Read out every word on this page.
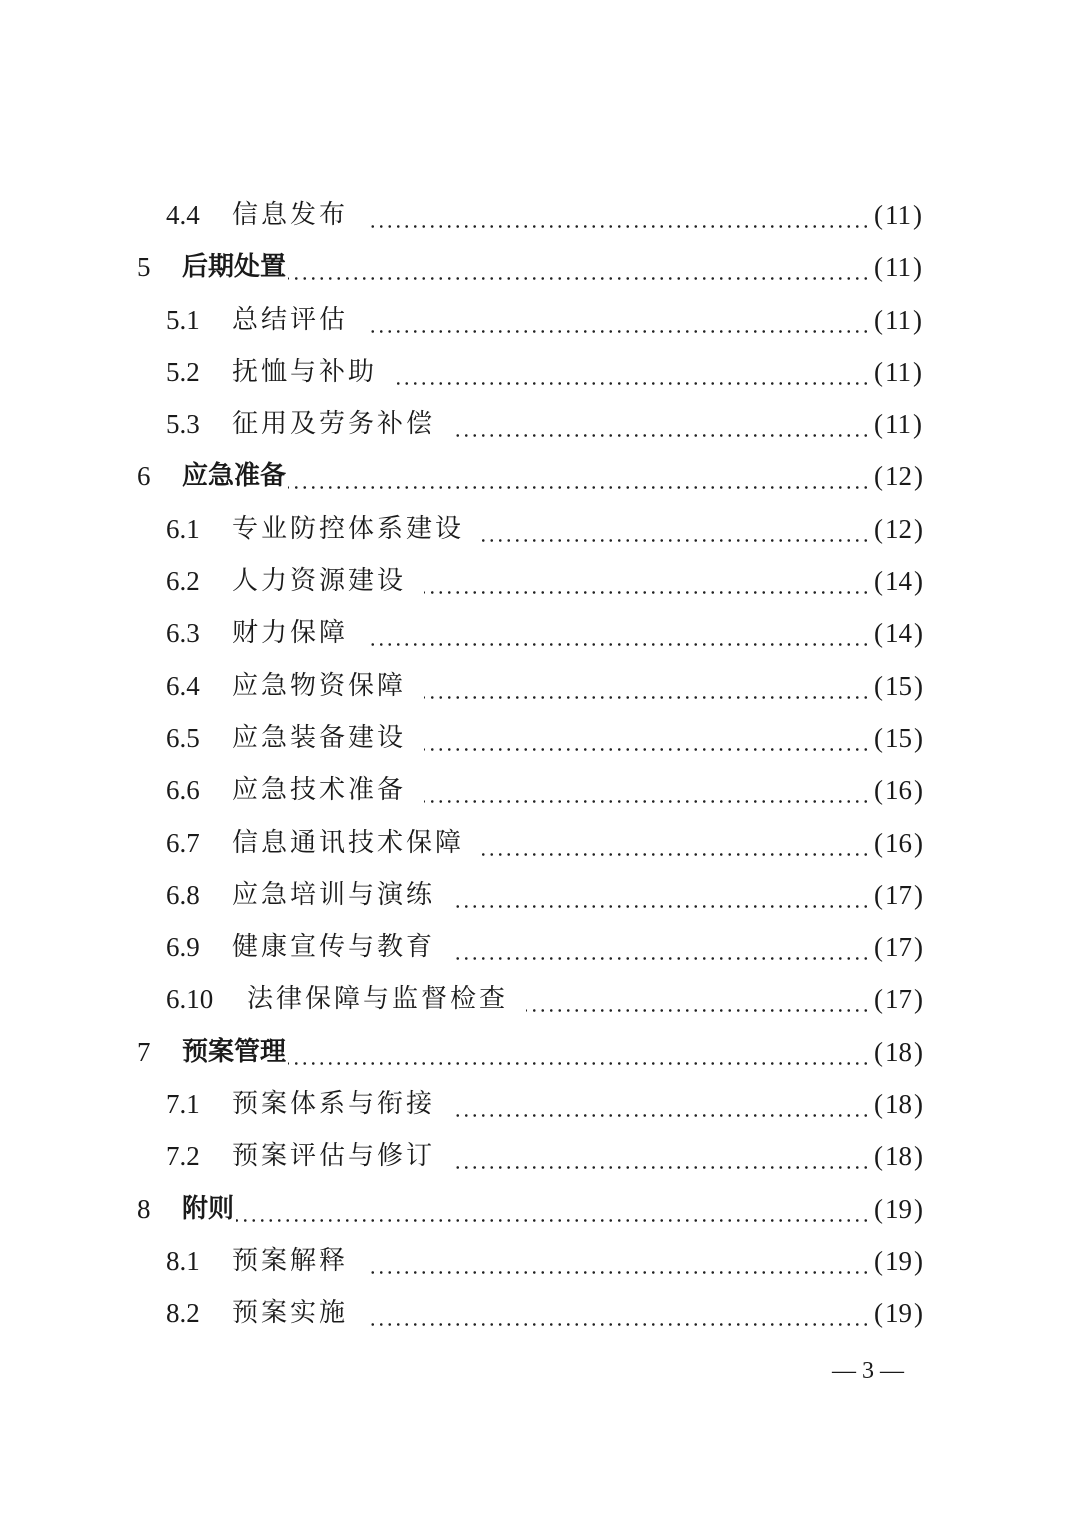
4.4 信息发布	(11)
5 后期处置	(11)
5.1 总结评估	(11)
5.2 抚恤与补助	(11)
5.3 征用及劳务补偿	(11)
6 应急准备	(12)
6.1 专业防控体系建设	(12)
6.2 人力资源建设	(14)
6.3 财力保障	(14)
6.4 应急物资保障	(15)
6.5 应急装备建设	(15)
6.6 应急技术准备	(16)
6.7 信息通讯技术保障	(16)
6.8 应急培训与演练	(17)
6.9 健康宣传与教育	(17)
6.10 法律保障与监督检查	(17)
7 预案管理	(18)
7.1 预案体系与衔接	(18)
7.2 预案评估与修订	(18)
8 附则	(19)
8.1 预案解释	(19)
8.2 预案实施	(19)
— 3 —
